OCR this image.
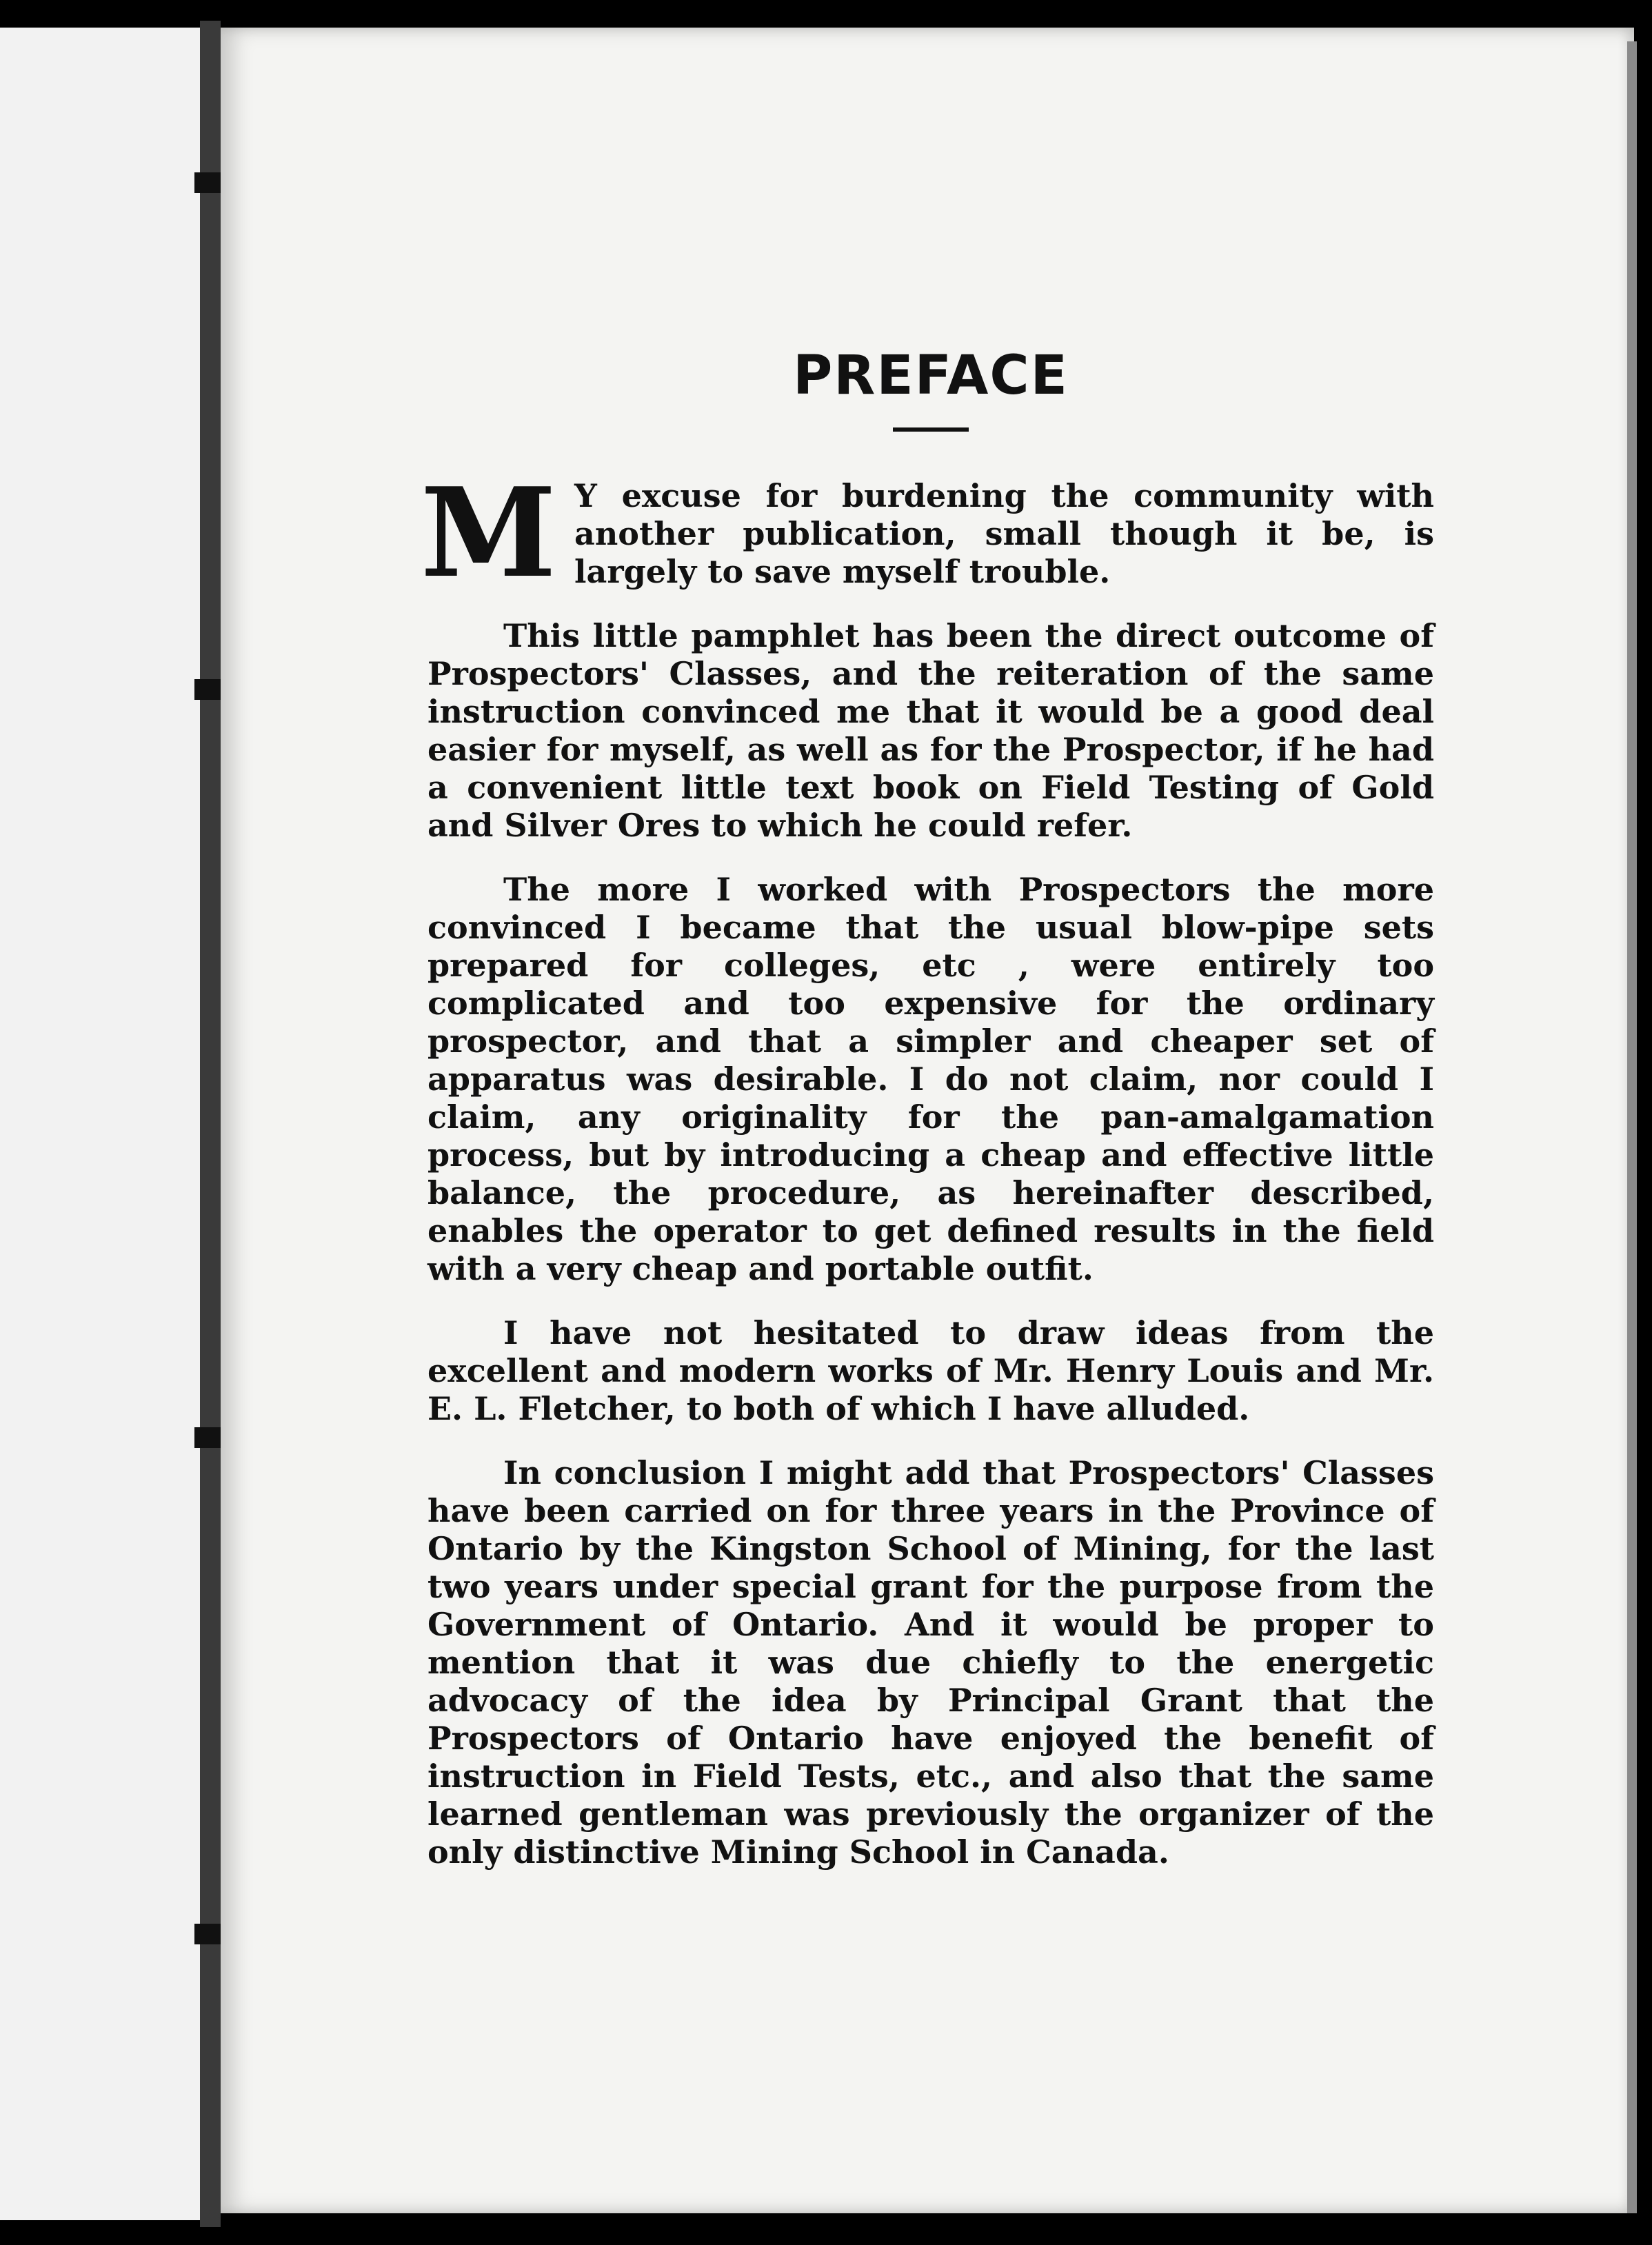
PREFACE

M Y excuse for burdening the community with another publication, small though it be, is largely to save myself trouble.

This little pamphlet has been the direct outcome of Prospectors' Classes, and the reiteration of the same instruction convinced me that it would be a good deal easier for myself, as well as for the Prospector, if he had a convenient little text book on Field Testing of Gold and Silver Ores to which he could refer.

The more I worked with Prospectors the more convinced I became that the usual blow-pipe sets prepared for colleges, etc , were entirely too complicated and too expensive for the ordinary prospector, and that a simpler and cheaper set of apparatus was desirable. I do not claim, nor could I claim, any originality for the pan-amalgamation process, but by introducing a cheap and effective little balance, the procedure, as hereinafter described, enables the operator to get defined results in the field with a very cheap and portable outfit.

I have not hesitated to draw ideas from the excellent and modern works of Mr. Henry Louis and Mr. E. L. Fletcher, to both of which I have alluded.

In conclusion I might add that Prospectors' Classes have been carried on for three years in the Province of Ontario by the Kingston School of Mining, for the last two years under special grant for the purpose from the Government of Ontario. And it would be proper to mention that it was due chiefly to the energetic advocacy of the idea by Principal Grant that the Prospectors of Ontario have enjoyed the benefit of instruction in Field Tests, etc., and also that the same learned gentleman was previously the organizer of the only distinctive Mining School in Canada.
